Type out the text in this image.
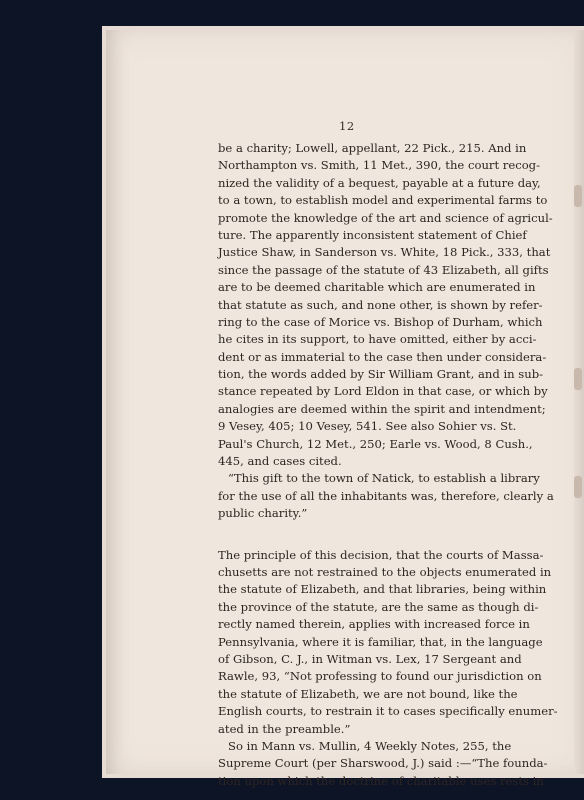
12
be a charity; Lowell, appellant, 22 Pick., 215. And in
Northampton vs. Smith, 11 Met., 390, the court recog-
nized the validity of a bequest, payable at a future day,
to a town, to establish model and experimental farms to
promote the knowledge of the art and science of agricul-
ture. The apparently inconsistent statement of Chief
Justice Shaw, in Sanderson vs. White, 18 Pick., 333, that
since the passage of the statute of 43 Elizabeth, all gifts
are to be deemed charitable which are enumerated in
that statute as such, and none other, is shown by refer-
ring to the case of Morice vs. Bishop of Durham, which
he cites in its support, to have omitted, either by acci-
dent or as immaterial to the case then under considera-
tion, the words added by Sir William Grant, and in sub-
stance repeated by Lord Eldon in that case, or which by
analogies are deemed within the spirit and intendment;
9 Vesey, 405; 10 Vesey, 541. See also Sohier vs. St.
Paul's Church, 12 Met., 250; Earle vs. Wood, 8 Cush.,
445, and cases cited.
“This gift to the town of Natick, to establish a library
for the use of all the inhabitants was, therefore, clearly a
public charity.”
The principle of this decision, that the courts of Massa-
chusetts are not restrained to the objects enumerated in
the statute of Elizabeth, and that libraries, being within
the province of the statute, are the same as though di-
rectly named therein, applies with increased force in
Pennsylvania, where it is familiar, that, in the language
of Gibson, C. J., in Witman vs. Lex, 17 Sergeant and
Rawle, 93, “Not professing to found our jurisdiction on
the statute of Elizabeth, we are not bound, like the
English courts, to restrain it to cases specifically enumer-
ated in the preamble.”
So in Mann vs. Mullin, 4 Weekly Notes, 255, the
Supreme Court (per Sharswood, J.) said :—“The founda-
tion upon which the doctrine of charitable uses rests in
